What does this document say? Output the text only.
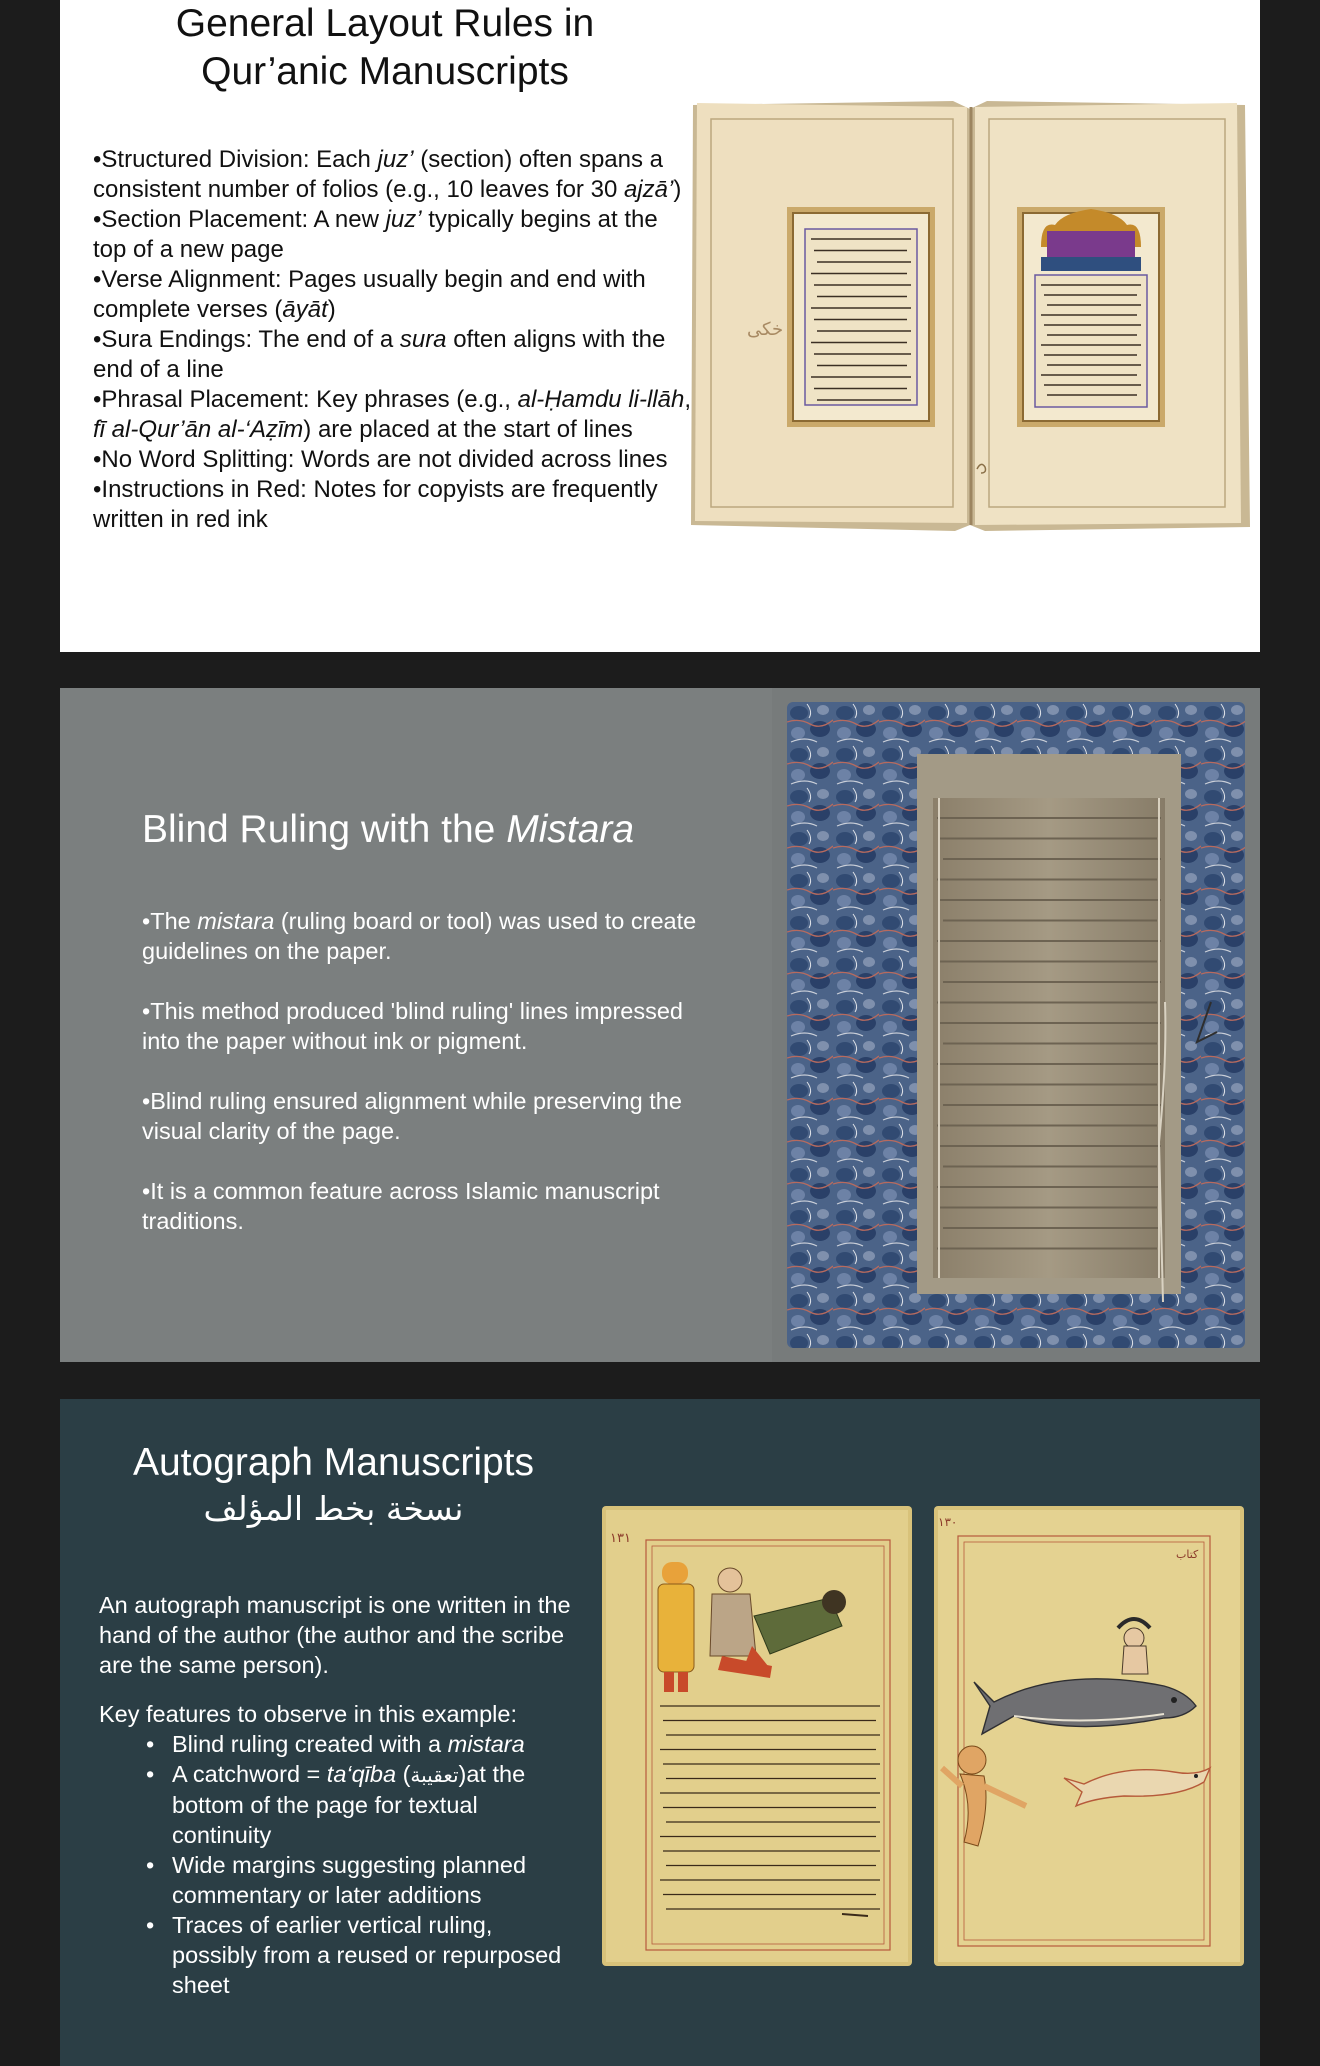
General Layout Rules in
Qur’anic Manuscripts
•Structured Division: Each juz’ (section) often spans a consistent number of folios (e.g., 10 leaves for 30 ajzā’)
•Section Placement: A new juz’ typically begins at the top of a new page
•Verse Alignment: Pages usually begin and end with complete verses (āyāt)
•Sura Endings: The end of a sura often aligns with the end of a line
•Phrasal Placement: Key phrases (e.g., al-Ḥamdu li-llāh, fī al-Qur’ān al-‘Aẓīm) are placed at the start of lines
•No Word Splitting: Words are not divided across lines
•Instructions in Red: Notes for copyists are frequently written in red ink
خکی
Blind Ruling with the Mistara
•The mistara (ruling board or tool) was used to create guidelines on the paper.
•This method produced 'blind ruling' lines impressed into the paper without ink or pigment.
•Blind ruling ensured alignment while preserving the visual clarity of the page.
•It is a common feature across Islamic manuscript traditions.
Autograph Manuscripts
نسخة بخط المؤلف

An autograph manuscript is one written in the hand of the author (the author and the scribe are the same person).

Key features to observe in this example:
• Blind ruling created with a mistara
• A catchword = ta‘qība (تعقيبة)at the bottom of the page for textual continuity
• Wide margins suggesting planned commentary or later additions
• Traces of earlier vertical ruling, possibly from a reused or repurposed sheet
۱۳۱
۱۳۰
كتاب
